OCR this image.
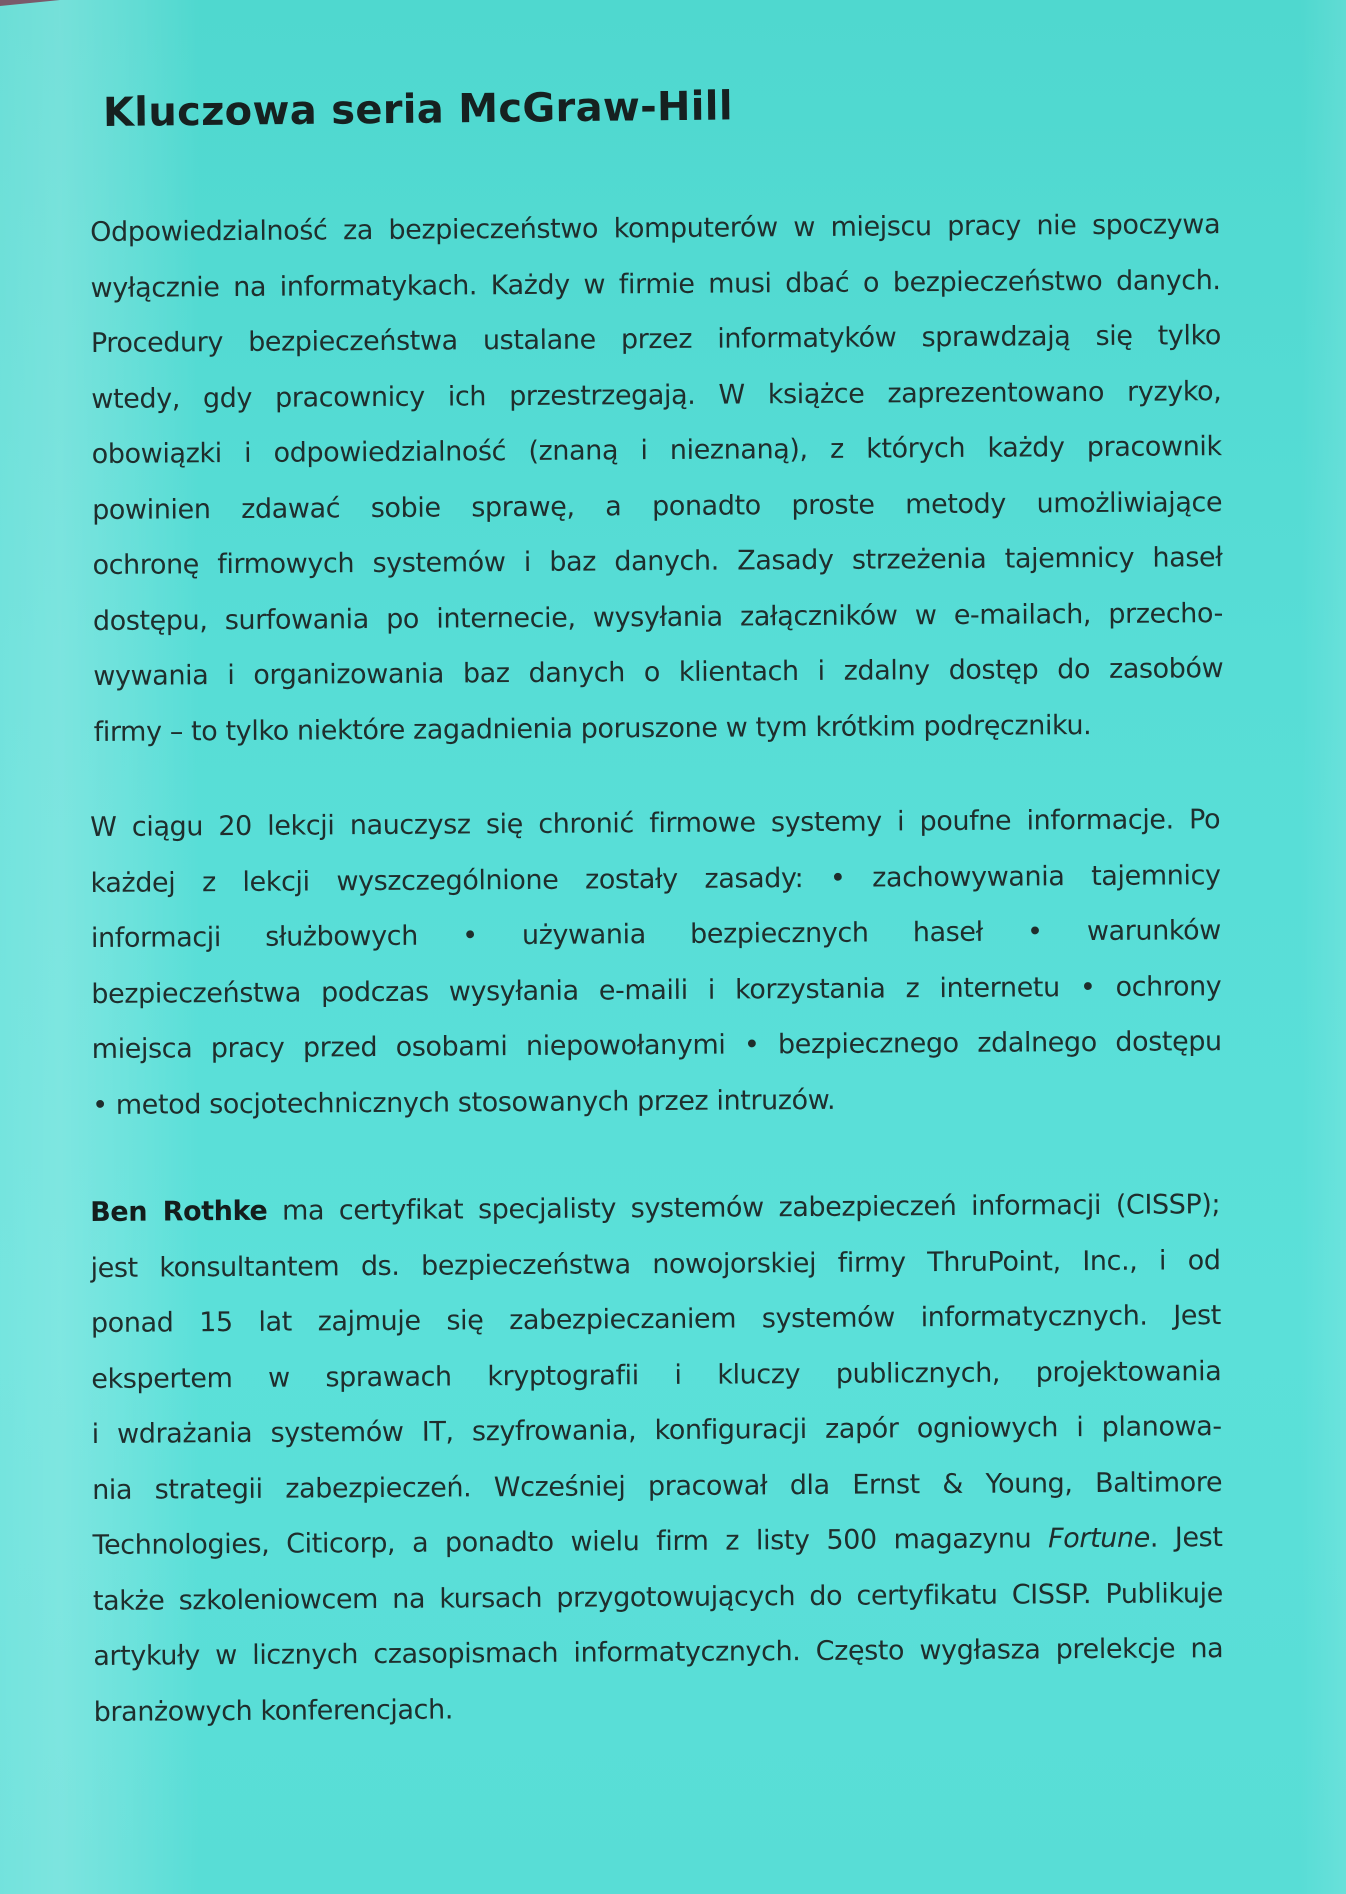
Kluczowa seria McGraw-Hill
Odpowiedzialność za bezpieczeństwo komputerów w miejscu pracy nie spoczywa
wyłącznie na informatykach. Każdy w firmie musi dbać o bezpieczeństwo danych.
Procedury bezpieczeństwa ustalane przez informatyków sprawdzają się tylko
wtedy, gdy pracownicy ich przestrzegają. W książce zaprezentowano ryzyko,
obowiązki i odpowiedzialność (znaną i nieznaną), z których każdy pracownik
powinien zdawać sobie sprawę, a ponadto proste metody umożliwiające
ochronę firmowych systemów i baz danych. Zasady strzeżenia tajemnicy haseł
dostępu, surfowania po internecie, wysyłania załączników w e-mailach, przecho-
wywania i organizowania baz danych o klientach i zdalny dostęp do zasobów
firmy – to tylko niektóre zagadnienia poruszone w tym krótkim podręczniku.
W ciągu 20 lekcji nauczysz się chronić firmowe systemy i poufne informacje. Po
każdej z lekcji wyszczególnione zostały zasady: • zachowywania tajemnicy
informacji służbowych • używania bezpiecznych haseł • warunków
bezpieczeństwa podczas wysyłania e-maili i korzystania z internetu • ochrony
miejsca pracy przed osobami niepowołanymi • bezpiecznego zdalnego dostępu
• metod socjotechnicznych stosowanych przez intruzów.
Ben Rothke ma certyfikat specjalisty systemów zabezpieczeń informacji (CISSP);
jest konsultantem ds. bezpieczeństwa nowojorskiej firmy ThruPoint, Inc., i od
ponad 15 lat zajmuje się zabezpieczaniem systemów informatycznych. Jest
ekspertem w sprawach kryptografii i kluczy publicznych, projektowania
i wdrażania systemów IT, szyfrowania, konfiguracji zapór ogniowych i planowa-
nia strategii zabezpieczeń. Wcześniej pracował dla Ernst & Young, Baltimore
Technologies, Citicorp, a ponadto wielu firm z listy 500 magazynu Fortune. Jest
także szkoleniowcem na kursach przygotowujących do certyfikatu CISSP. Publikuje
artykuły w licznych czasopismach informatycznych. Często wygłasza prelekcje na
branżowych konferencjach.
